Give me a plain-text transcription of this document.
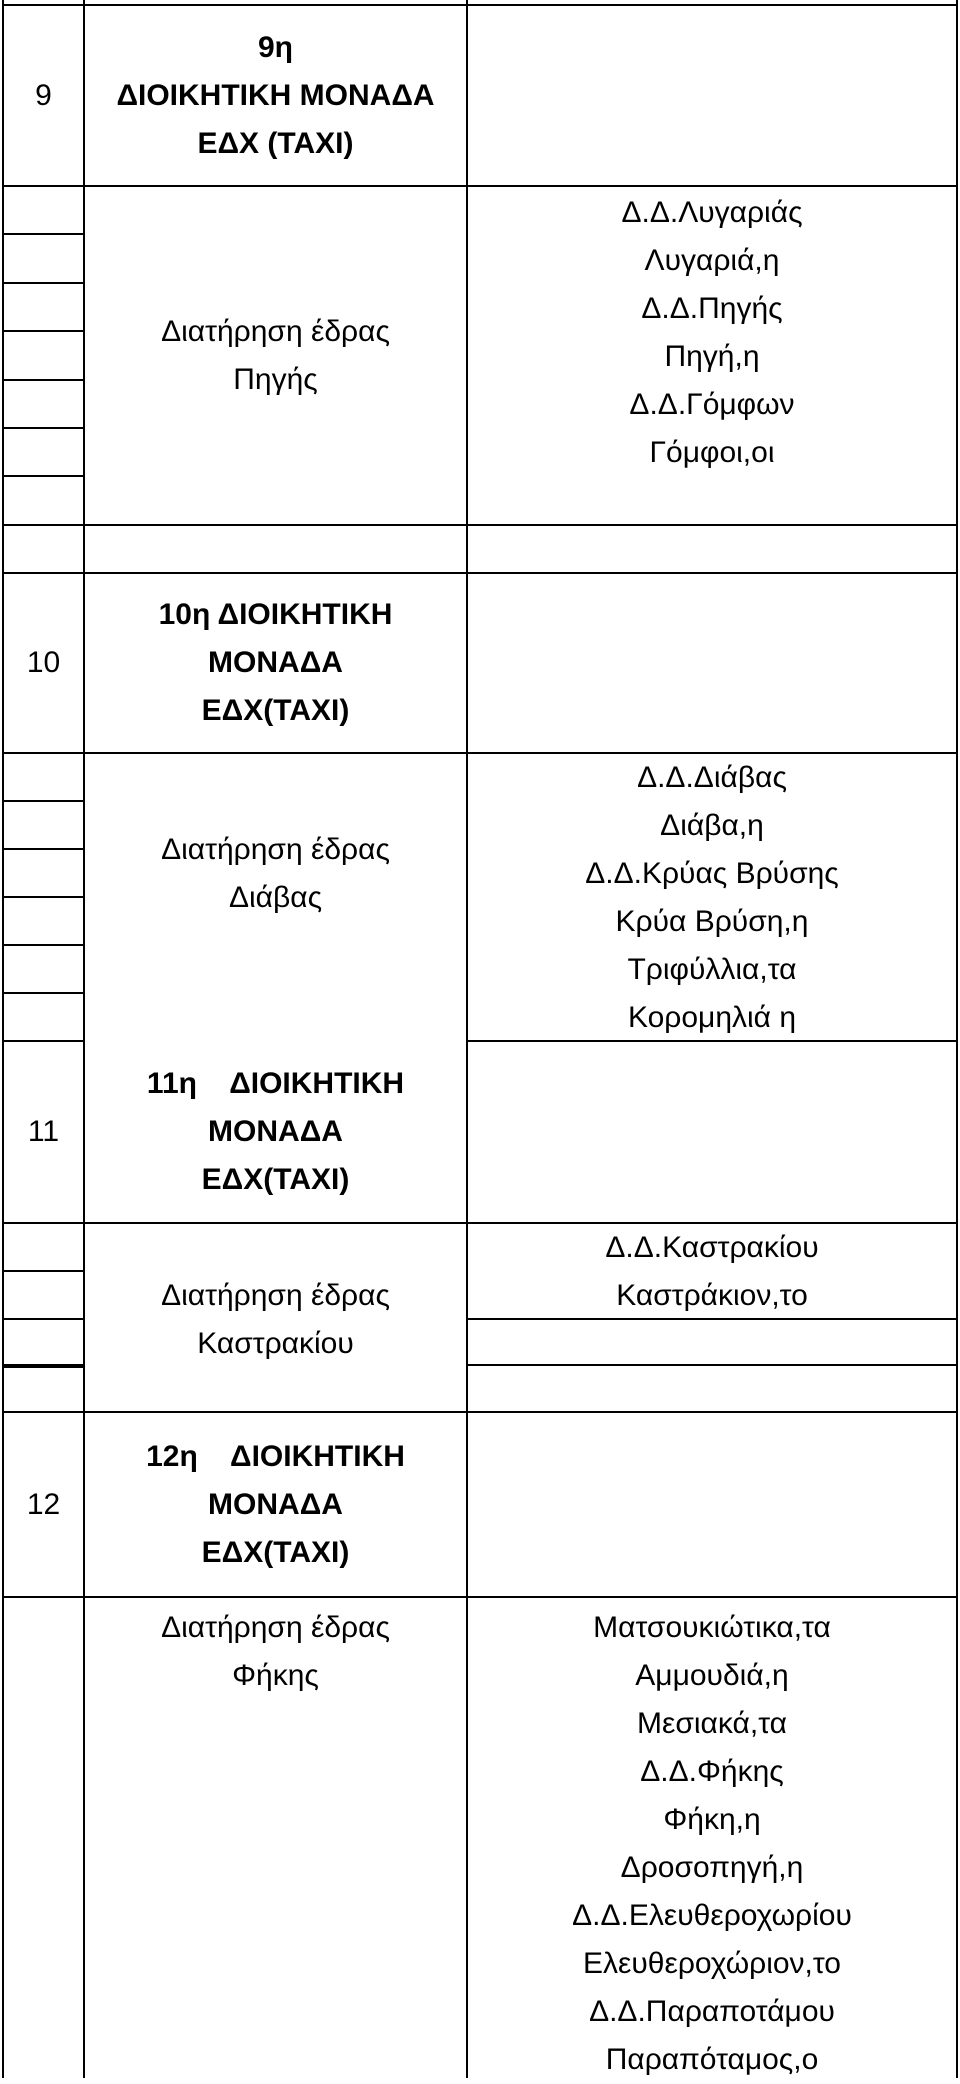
9
9η
ΔΙΟΙΚΗΤΙΚΗ ΜΟΝΑΔΑ
ΕΔΧ (ΤΑΧΙ)
Διατήρηση έδρας
Πηγής
Δ.Δ.Λυγαριάς
Λυγαριά,η
Δ.Δ.Πηγής
Πηγή,η
Δ.Δ.Γόμφων
Γόμφοι,οι
10
10η ΔΙΟΙΚΗΤΙΚΗ
ΜΟΝΑΔΑ
ΕΔΧ(ΤΑΧΙ)
Διατήρηση έδρας
Διάβας
Δ.Δ.Διάβας
Διάβα,η
Δ.Δ.Κρύας Βρύσης
Κρύα Βρύση,η
Τριφύλλια,τα
Κορομηλιά η
11
11η    ΔΙΟΙΚΗΤΙΚΗ
ΜΟΝΑΔΑ
ΕΔΧ(ΤΑΧΙ)
Διατήρηση έδρας
Καστρακίου
Δ.Δ.Καστρακίου
Καστράκιον,το
12
12η    ΔΙΟΙΚΗΤΙΚΗ
ΜΟΝΑΔΑ
ΕΔΧ(ΤΑΧΙ)
Διατήρηση έδρας
Φήκης
Ματσουκιώτικα,τα
Αμμουδιά,η
Μεσιακά,τα
Δ.Δ.Φήκης
Φήκη,η
Δροσοπηγή,η
Δ.Δ.Ελευθεροχωρίου
Ελευθεροχώριον,το
Δ.Δ.Παραποτάμου
Παραπόταμος,ο
